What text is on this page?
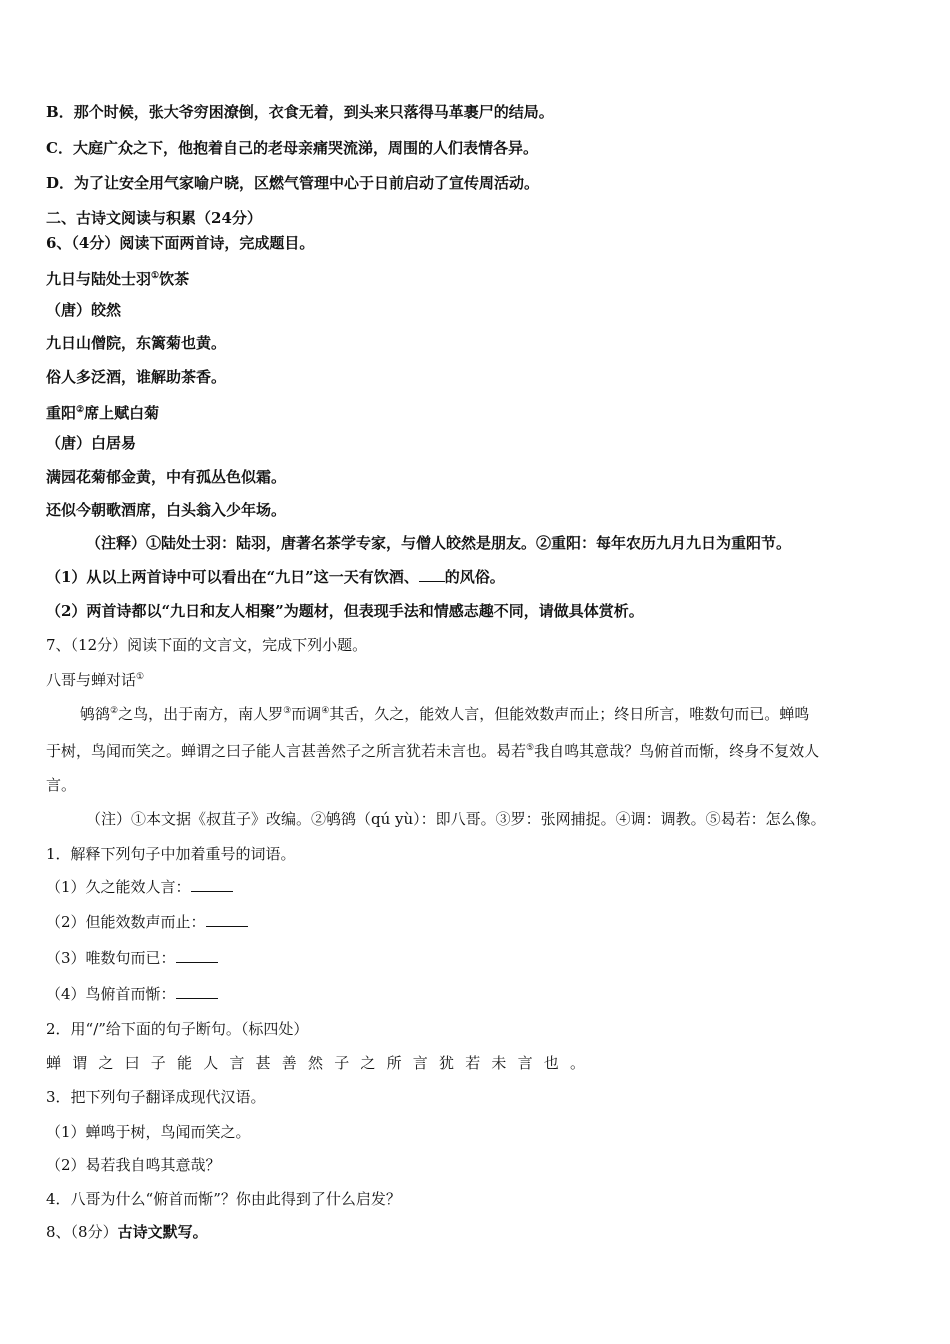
B．那个时候，张大爷穷困潦倒，衣食无着，到头来只落得马革裹尸的结局。
C．大庭广众之下，他抱着自己的老母亲痛哭流涕，周围的人们表情各异。
D．为了让安全用气家喻户晓，区燃气管理中心于日前启动了宣传周活动。
二、古诗文阅读与积累（24分）
6、（4分）阅读下面两首诗，完成题目。
九日与陆处士羽①饮茶
（唐）皎然
九日山僧院，东篱菊也黄。
俗人多泛酒，谁解助茶香。
重阳②席上赋白菊
（唐）白居易
满园花菊郁金黄，中有孤丛色似霜。
还似今朝歌酒席，白头翁入少年场。
（注释）①陆处士羽：陆羽，唐著名茶学专家，与僧人皎然是朋友。②重阳：每年农历九月九日为重阳节。
（1）从以上两首诗中可以看出在“九日”这一天有饮酒、 的风俗。
（2）两首诗都以“九日和友人相聚”为题材，但表现手法和情感志趣不同，请做具体赏析。
7、（12分）阅读下面的文言文，完成下列小题。
八哥与蝉对话①
鸲鹆②之鸟，出于南方，南人罗③而调④其舌，久之，能效人言，但能效数声而止；终日所言，唯数句而已。蝉鸣
于树，鸟闻而笑之。蝉谓之曰子能人言甚善然子之所言犹若未言也。曷若⑤我自鸣其意哉？鸟俯首而惭，终身不复效人
言。
（注）①本文据《叔苴子》改编。②鸲鹆（qú yù）：即八哥。③罗：张网捕捉。④调：调教。⑤曷若：怎么像。
1．解释下列句子中加着重号的词语。
（1）久之能效人言：
（2）但能效数声而止：
（3）唯数句而已：
（4）鸟俯首而惭：
2．用“/”给下面的句子断句。（标四处）
蝉谓之曰子能人言甚善然子之所言犹若未言也。
3．把下列句子翻译成现代汉语。
（1）蝉鸣于树，鸟闻而笑之。
（2）曷若我自鸣其意哉？
4．八哥为什么“俯首而惭”？你由此得到了什么启发？
8、（8分）古诗文默写。
